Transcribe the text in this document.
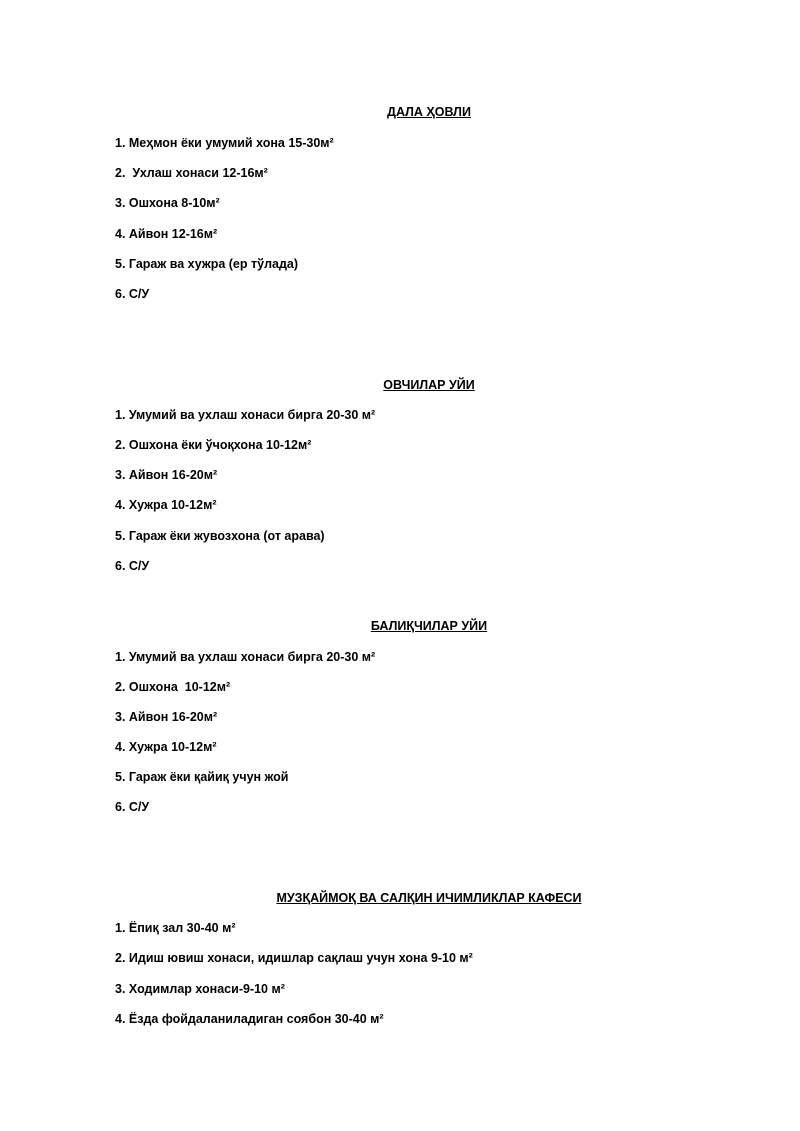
ДАЛА ҲОВЛИ
1. Меҳмон ёки умумий хона 15-30м²
2.  Ухлаш хонаси 12-16м²
3. Ошхона 8-10м²
4. Айвон 12-16м²
5. Гараж ва хужра (ер тўлада)
6. С/У
ОВЧИЛАР УЙИ
1. Умумий ва ухлаш хонаси бирга 20-30 м²
2. Ошхона ёки ўчоқхона 10-12м²
3. Айвон 16-20м²
4. Хужра 10-12м²
5. Гараж ёки жувозхона (от арава)
6. С/У
БАЛИҚЧИЛАР УЙИ
1. Умумий ва ухлаш хонаси бирга 20-30 м²
2. Ошхона  10-12м²
3. Айвон 16-20м²
4. Хужра 10-12м²
5. Гараж ёки қайиқ учун жой
6. С/У
МУЗҚАЙМОҚ ВА САЛҚИН ИЧИМЛИКЛАР КАФЕСИ
1. Ёпиқ зал 30-40 м²
2. Идиш ювиш хонаси, идишлар сақлаш учун хона 9-10 м²
3. Ходимлар хонаси-9-10 м²
4. Ёзда фойдаланиладиган соябон 30-40 м²
